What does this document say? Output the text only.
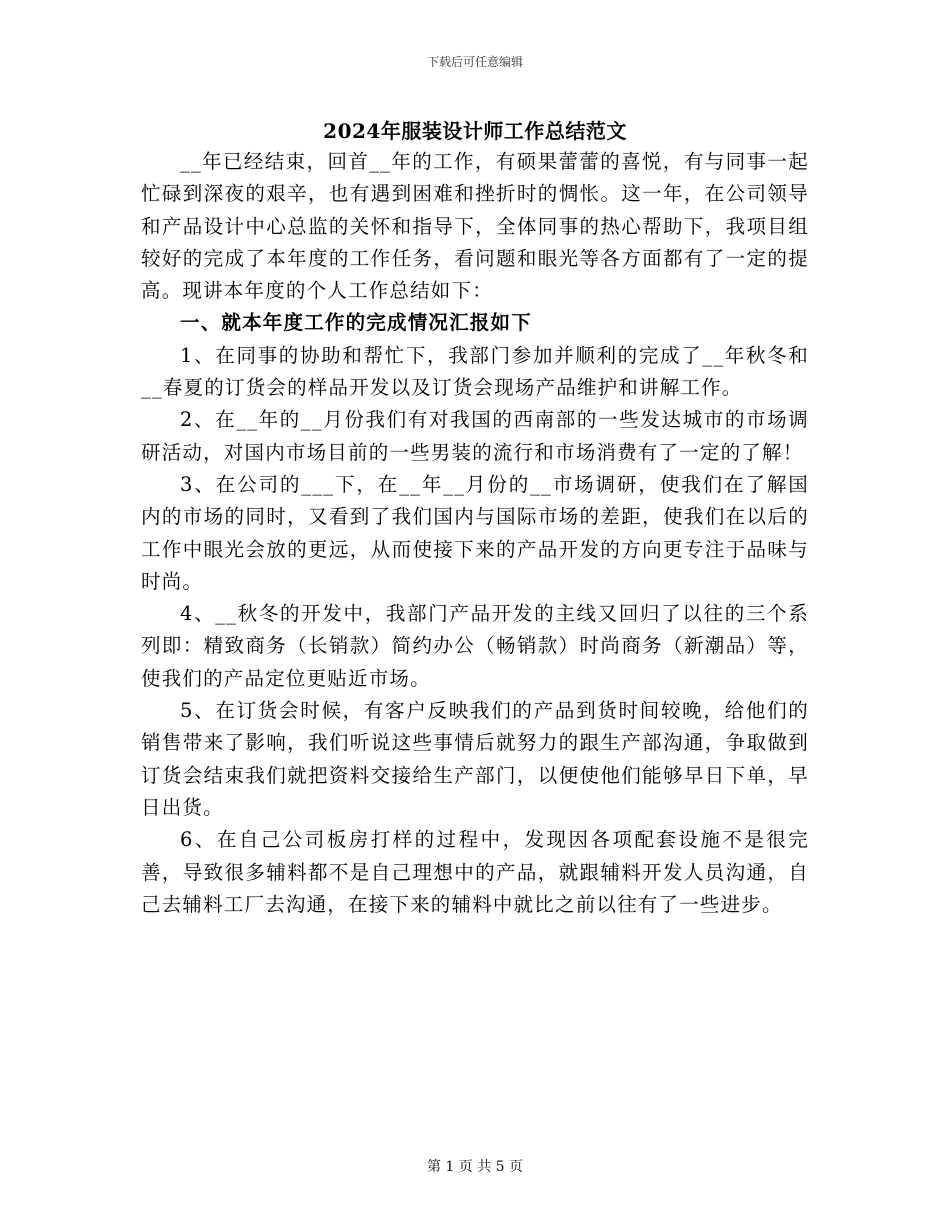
下载后可任意编辑
2024年服装设计师工作总结范文

__年已经结束，回首__年的工作，有硕果蕾蕾的喜悦，有与同事一起忙碌到深夜的艰辛，也有遇到困难和挫折时的惆怅。这一年，在公司领导和产品设计中心总监的关怀和指导下，全体同事的热心帮助下，我项目组较好的完成了本年度的工作任务，看问题和眼光等各方面都有了一定的提高。现讲本年度的个人工作总结如下：

一、就本年度工作的完成情况汇报如下

1、在同事的协助和帮忙下，我部门参加并顺利的完成了__年秋冬和__春夏的订货会的样品开发以及订货会现场产品维护和讲解工作。

2、在__年的__月份我们有对我国的西南部的一些发达城市的市场调研活动，对国内市场目前的一些男装的流行和市场消费有了一定的了解！

3、在公司的___下，在__年__月份的__市场调研，使我们在了解国内的市场的同时，又看到了我们国内与国际市场的差距，使我们在以后的工作中眼光会放的更远，从而使接下来的产品开发的方向更专注于品味与时尚。

4、__秋冬的开发中，我部门产品开发的主线又回归了以往的三个系列即：精致商务（长销款）简约办公（畅销款）时尚商务（新潮品）等，使我们的产品定位更贴近市场。

5、在订货会时候，有客户反映我们的产品到货时间较晚，给他们的销售带来了影响，我们听说这些事情后就努力的跟生产部沟通，争取做到订货会结束我们就把资料交接给生产部门，以便使他们能够早日下单，早日出货。

6、在自己公司板房打样的过程中，发现因各项配套设施不是很完善，导致很多辅料都不是自己理想中的产品，就跟辅料开发人员沟通，自己去辅料工厂去沟通，在接下来的辅料中就比之前以往有了一些进步。

第 1 页 共 5 页
